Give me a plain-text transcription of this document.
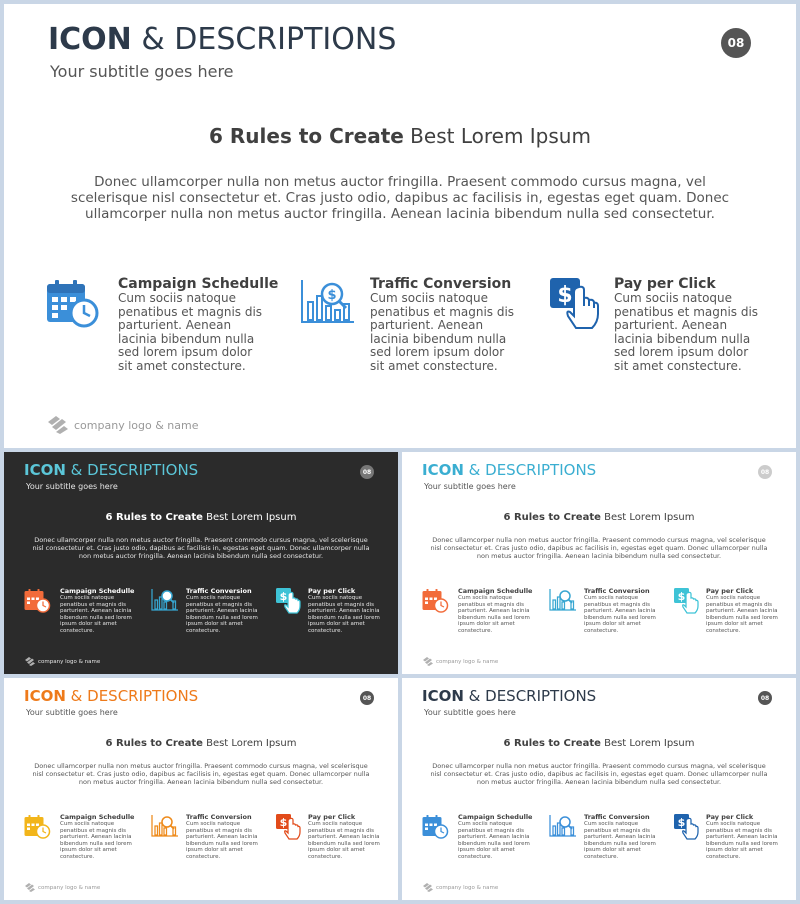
ICON & DESCRIPTIONS
Your subtitle goes here
08
6 Rules to Create Best Lorem Ipsum
Donec ullamcorper nulla non metus auctor fringilla. Praesent commodo cursus magna, vel scelerisque nisl consectetur et. Cras justo odio, dapibus ac facilisis in, egestas eget quam. Donec ullamcorper nulla non metus auctor fringilla. Aenean lacinia bibendum nulla sed consectetur.
Campaign Schedulle
Cum sociis natoque penatibus et magnis dis parturient. Aenean lacinia bibendum nulla sed lorem ipsum dolor sit amet constecture.
$
Traffic Conversion
Cum sociis natoque penatibus et magnis dis parturient. Aenean lacinia bibendum nulla sed lorem ipsum dolor sit amet constecture.
$	Pay per Click
Cum sociis natoque penatibus et magnis dis parturient. Aenean lacinia bibendum nulla sed lorem ipsum dolor sit amet constecture.
company logo & name
ICON & DESCRIPTIONS
Your subtitle goes here
08
6 Rules to Create Best Lorem Ipsum
Donec ullamcorper nulla non metus auctor fringilla. Praesent commodo cursus magna, vel scelerisque nisl consectetur et. Cras justo odio, dapibus ac facilisis in, egestas eget quam. Donec ullamcorper nulla non metus auctor fringilla. Aenean lacinia bibendum nulla sed consectetur.
Campaign Schedulle
Cum sociis natoque penatibus et magnis dis parturient. Aenean lacinia bibendum nulla sed lorem ipsum dolor sit amet constecture.
Traffic Conversion
Cum sociis natoque penatibus et magnis dis parturient. Aenean lacinia bibendum nulla sed lorem ipsum dolor sit amet constecture.
$	Pay per Click
Cum sociis natoque penatibus et magnis dis parturient. Aenean lacinia bibendum nulla sed lorem ipsum dolor sit amet constecture.
company logo & name
ICON & DESCRIPTIONS
Your subtitle goes here
08
6 Rules to Create Best Lorem Ipsum
Donec ullamcorper nulla non metus auctor fringilla. Praesent commodo cursus magna, vel scelerisque nisl consectetur et. Cras justo odio, dapibus ac facilisis in, egestas eget quam. Donec ullamcorper nulla non metus auctor fringilla. Aenean lacinia bibendum nulla sed consectetur.
Campaign Schedulle
Cum sociis natoque penatibus et magnis dis parturient. Aenean lacinia bibendum nulla sed lorem ipsum dolor sit amet constecture.
Traffic Conversion
Cum sociis natoque penatibus et magnis dis parturient. Aenean lacinia bibendum nulla sed lorem ipsum dolor sit amet constecture.
$	Pay per Click
Cum sociis natoque penatibus et magnis dis parturient. Aenean lacinia bibendum nulla sed lorem ipsum dolor sit amet constecture.
company logo & name
ICON & DESCRIPTIONS
Your subtitle goes here
08
6 Rules to Create Best Lorem Ipsum
Donec ullamcorper nulla non metus auctor fringilla. Praesent commodo cursus magna, vel scelerisque nisl consectetur et. Cras justo odio, dapibus ac facilisis in, egestas eget quam. Donec ullamcorper nulla non metus auctor fringilla. Aenean lacinia bibendum nulla sed consectetur.
Campaign Schedulle
Cum sociis natoque penatibus et magnis dis parturient. Aenean lacinia bibendum nulla sed lorem ipsum dolor sit amet constecture.
Traffic Conversion
Cum sociis natoque penatibus et magnis dis parturient. Aenean lacinia bibendum nulla sed lorem ipsum dolor sit amet constecture.
$	Pay per Click
Cum sociis natoque penatibus et magnis dis parturient. Aenean lacinia bibendum nulla sed lorem ipsum dolor sit amet constecture.
company logo & name
ICON & DESCRIPTIONS
Your subtitle goes here
08
6 Rules to Create Best Lorem Ipsum
Donec ullamcorper nulla non metus auctor fringilla. Praesent commodo cursus magna, vel scelerisque nisl consectetur et. Cras justo odio, dapibus ac facilisis in, egestas eget quam. Donec ullamcorper nulla non metus auctor fringilla. Aenean lacinia bibendum nulla sed consectetur.
Campaign Schedulle
Cum sociis natoque penatibus et magnis dis parturient. Aenean lacinia bibendum nulla sed lorem ipsum dolor sit amet constecture.
Traffic Conversion
Cum sociis natoque penatibus et magnis dis parturient. Aenean lacinia bibendum nulla sed lorem ipsum dolor sit amet constecture.
$	Pay per Click
Cum sociis natoque penatibus et magnis dis parturient. Aenean lacinia bibendum nulla sed lorem ipsum dolor sit amet constecture.
company logo & name
